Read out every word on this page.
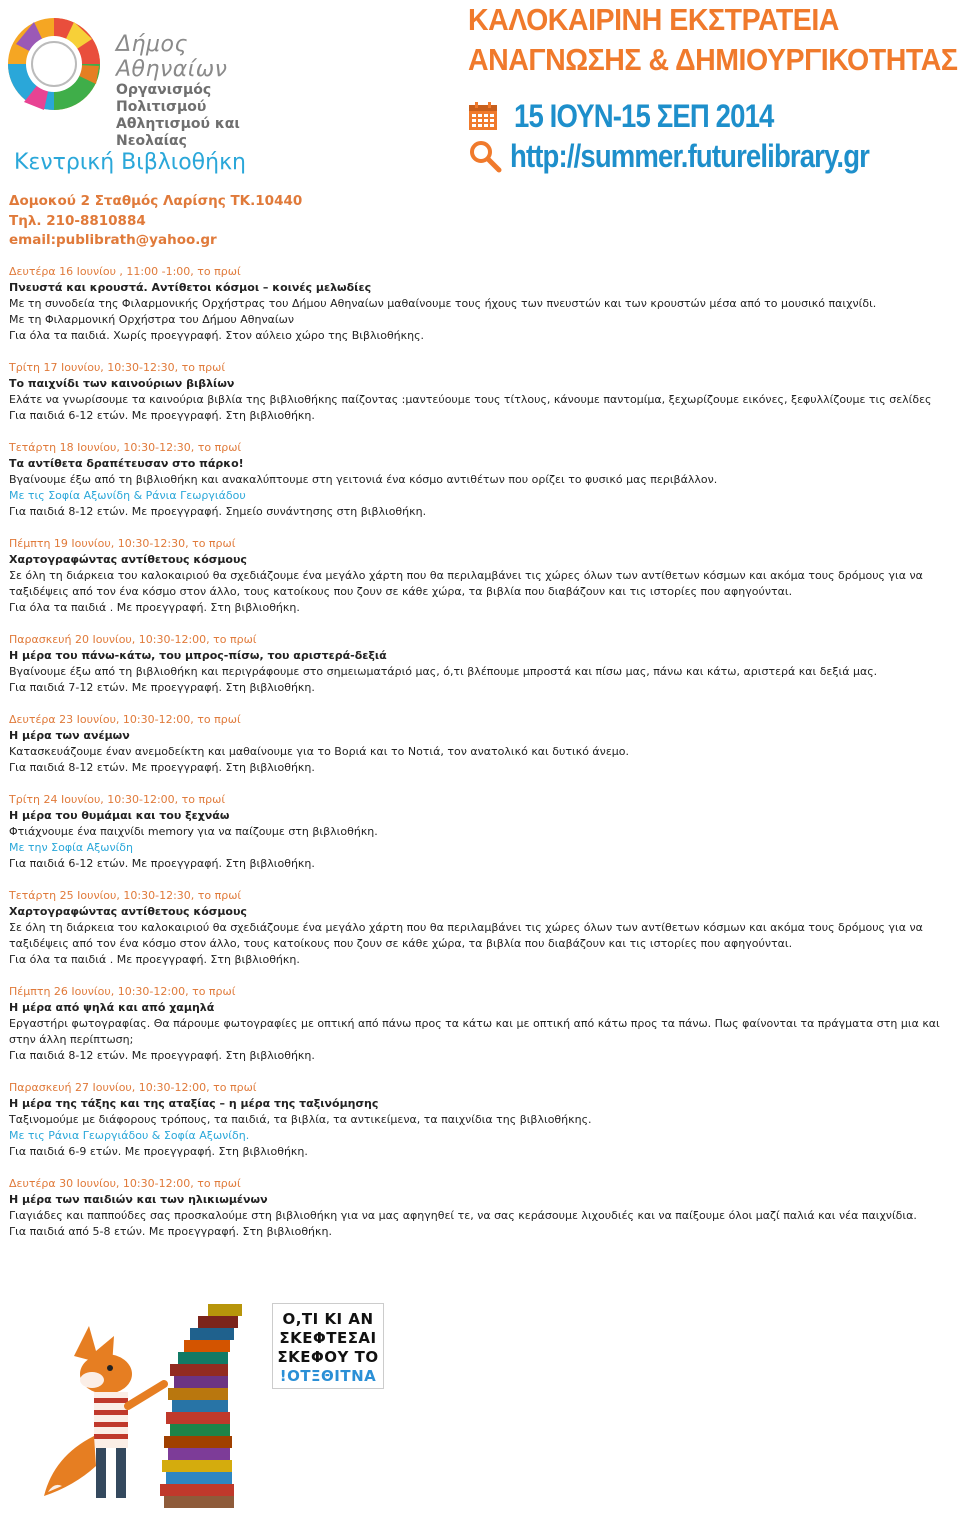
Δήμος Αθηναίων
Οργανισμός Πολιτισμού
Αθλητισμού και Νεολαίας
Κεντρική Βιβλιοθήκη
Δομοκού 2 Σταθμός Λαρίσης ΤΚ.10440
Τηλ. 210-8810884
email:publibrath@yahoo.gr
ΚΑΛΟΚΑΙΡΙΝΗ ΕΚΣΤΡΑΤΕΙΑ
ΑΝΑΓΝΩΣΗΣ & ΔΗΜΙΟΥΡΓΙΚΟΤΗΤΑΣ
15 ΙΟΥΝ-15 ΣΕΠ 2014
http://summer.futurelibrary.gr
Δευτέρα 16 Ιουνίου , 11:00 -1:00, το πρωί
Πνευστά και κρουστά. Αντίθετοι κόσμοι – κοινές μελωδίες
Με τη συνοδεία της Φιλαρμονικής Ορχήστρας του Δήμου Αθηναίων μαθαίνουμε τους ήχους των πνευστών και των κρουστών μέσα από το μουσικό παιχνίδι.
Με τη Φιλαρμονική Ορχήστρα του Δήμου Αθηναίων
Για όλα τα παιδιά. Χωρίς προεγγραφή. Στον αύλειο χώρο της Βιβλιοθήκης.
Τρίτη 17 Ιουνίου, 10:30-12:30, το πρωί
Το παιχνίδι των καινούριων βιβλίων
Ελάτε να γνωρίσουμε τα καινούρια βιβλία της βιβλιοθήκης παίζοντας :μαντεύουμε τους τίτλους, κάνουμε παντομίμα, ξεχωρίζουμε εικόνες, ξεφυλλίζουμε τις σελίδες
Για παιδιά 6-12 ετών. Με προεγγραφή. Στη βιβλιοθήκη.
Τετάρτη 18 Ιουνίου, 10:30-12:30, το πρωί
Τα αντίθετα δραπέτευσαν στο πάρκο!
Βγαίνουμε έξω από τη βιβλιοθήκη και ανακαλύπτουμε στη γειτονιά ένα κόσμο αντιθέτων που ορίζει το φυσικό μας περιβάλλον.
Με τις Σοφία Αξωνίδη & Ράνια Γεωργιάδου
Για παιδιά 8-12 ετών. Με προεγγραφή. Σημείο συνάντησης στη βιβλιοθήκη.
Πέμπτη 19 Ιουνίου, 10:30-12:30, το πρωί
Χαρτογραφώντας αντίθετους κόσμους
Σε όλη τη διάρκεια του καλοκαιριού θα σχεδιάζουμε ένα μεγάλο χάρτη που θα περιλαμβάνει τις χώρες όλων των αντίθετων κόσμων και ακόμα τους δρόμους για να ταξιδέψεις από τον ένα κόσμο στον άλλο, τους κατοίκους που ζουν σε κάθε χώρα, τα βιβλία που διαβάζουν και τις ιστορίες που αφηγούνται.
Για όλα τα παιδιά . Με προεγγραφή. Στη βιβλιοθήκη.
Παρασκευή 20 Ιουνίου, 10:30-12:00, το πρωί
Η μέρα του πάνω-κάτω, του μπρος-πίσω, του αριστερά-δεξιά
Βγαίνουμε έξω από τη βιβλιοθήκη και περιγράφουμε στο σημειωματάριό μας, ό,τι βλέπουμε μπροστά και πίσω μας, πάνω και κάτω, αριστερά και δεξιά μας.
Για παιδιά 7-12 ετών. Με προεγγραφή. Στη βιβλιοθήκη.
Δευτέρα 23 Ιουνίου, 10:30-12:00, το πρωί
Η μέρα των ανέμων
Κατασκευάζουμε έναν ανεμοδείκτη και μαθαίνουμε για το Βοριά και το Νοτιά, τον ανατολικό και δυτικό άνεμο.
Για παιδιά 8-12 ετών. Με προεγγραφή. Στη βιβλιοθήκη.
Τρίτη 24 Ιουνίου, 10:30-12:00, το πρωί
Η μέρα του θυμάμαι και του ξεχνάω
Φτιάχνουμε ένα παιχνίδι memory για να παίζουμε στη βιβλιοθήκη.
Με την Σοφία Αξωνίδη
Για παιδιά 6-12 ετών. Με προεγγραφή. Στη βιβλιοθήκη.
Τετάρτη 25 Ιουνίου, 10:30-12:30, το πρωί
Χαρτογραφώντας αντίθετους κόσμους
Σε όλη τη διάρκεια του καλοκαιριού θα σχεδιάζουμε ένα μεγάλο χάρτη που θα περιλαμβάνει τις χώρες όλων των αντίθετων κόσμων και ακόμα τους δρόμους για να ταξιδέψεις από τον ένα κόσμο στον άλλο, τους κατοίκους που ζουν σε κάθε χώρα, τα βιβλία που διαβάζουν και τις ιστορίες που αφηγούνται.
Για όλα τα παιδιά . Με προεγγραφή. Στη βιβλιοθήκη.
Πέμπτη 26 Ιουνίου, 10:30-12:00, το πρωί
Η μέρα από ψηλά και από χαμηλά
Εργαστήρι φωτογραφίας. Θα πάρουμε φωτογραφίες με οπτική από πάνω προς τα κάτω και με οπτική από κάτω προς τα πάνω. Πως φαίνονται τα πράγματα στη μια και στην άλλη περίπτωση;
Για παιδιά 8-12 ετών. Με προεγγραφή. Στη βιβλιοθήκη.
Παρασκευή 27 Ιουνίου, 10:30-12:00, το πρωί
Η μέρα της τάξης και της αταξίας – η μέρα της ταξινόμησης
Ταξινομούμε με διάφορους τρόπους, τα παιδιά, τα βιβλία, τα αντικείμενα, τα παιχνίδια της βιβλιοθήκης.
Με τις Ράνια Γεωργιάδου & Σοφία Αξωνίδη.
Για παιδιά 6-9 ετών. Με προεγγραφή. Στη βιβλιοθήκη.
Δευτέρα 30 Ιουνίου, 10:30-12:00, το πρωί
Η μέρα των παιδιών και των ηλικιωμένων
Γιαγιάδες και παππούδες σας προσκαλούμε στη βιβλιοθήκη για να μας αφηγηθεί τε, να σας κεράσουμε λιχουδιές και να παίξουμε όλοι μαζί παλιά και νέα παιχνίδια.
Για παιδιά από 5-8 ετών. Με προεγγραφή. Στη βιβλιοθήκη.
Ο,ΤΙ ΚΙ ΑΝ
ΣΚΕΦΤΕΣΑΙ
ΣΚΕΦΟΥ ΤΟ
!ΟΤΞΘΙΤΝΑ
